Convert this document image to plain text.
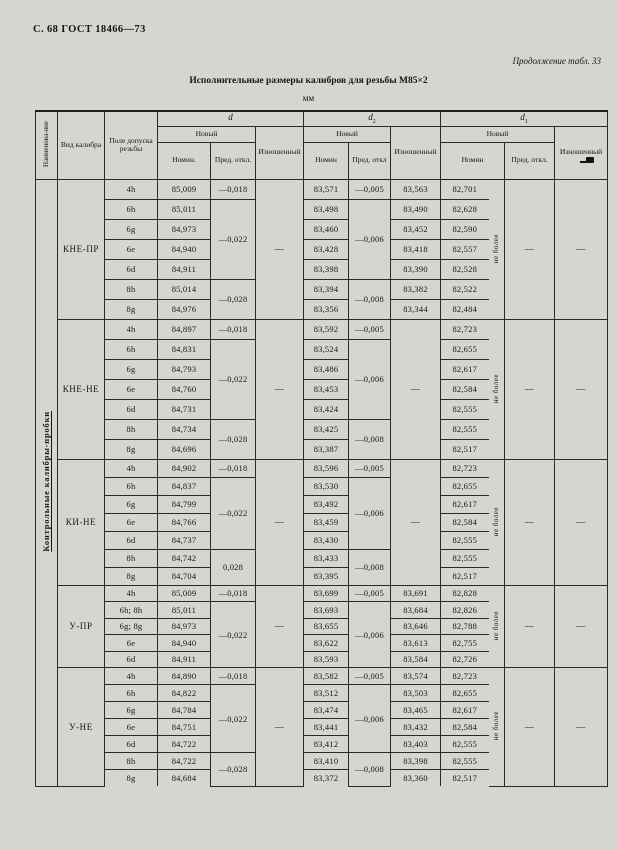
С. 68 ГОСТ 18466—73
Продолжение табл. 33
Исполнительные размеры калибров для резьбы М85×2
мм
Наименова-ние	Вид калибра	Поле допуска резьбы	d			$d_2$			$d_1$
			Новый		Изношенный	Новый		Изношенный	Новый			Изношенный
			Номин.	Пред. откл.		Номин	Пред. откл		Номин		Пред. откл.	
Контрольные калибры-пробки	КНЕ-ПР	4h	85,009	—0,018	—	83,571	—0,005	83,563	82,701	не более	—	—
		6h	85,011	—0,022		83,498	—0,006	83,490	82,628			
		6g	84,973			83,460		83,452	82,590			
		6e	84,940			83,428		83,418	82,557			
		6d	84,911			83,398		83,390	82,528			
		8h	85,014	—0,028		83,394	—0,008	83,382	82,522			
		8g	84,976			83,356		83,344	82,484			
	КНЕ-НЕ	4h	84,897	—0,018	—	83,592	—0,005	—	82,723	не более	—	—
		6h	84,831	—0,022		83,524	—0,006		82,655			
		6g	84,793			83,486			82,617			
		6e	84,760			83,453			82,584			
		6d	84,731			83,424			82,555			
		8h	84,734	—0,028		83,425	—0,008		82,555			
		8g	84,696			83,387			82,517			
	КИ-НЕ	4h	84,902	—0,018	—	83,596	—0,005	—	82,723	не более	—	—
		6h	84,837	—0,022		83,530	—0,006		82,655			
		6g	84,799			83,492			82,617			
		6e	84,766			83,459			82,584			
		6d	84,737			83,430			82,555			
		8h	84,742	0,028		83,433	—0,008		82,555			
		8g	84,704			83,395			82,517			
	У-ПР	4h	85,009	—0,018	—	83,699	—0,005	83,691	82,828	не более	—	—
		6h; 8h	85,011	—0,022		83,693	—0,006	83,684	82,826			
		6g; 8g	84,973			83,655		83,646	82,788			
		6e	84,940			83,622		83,613	82,755			
		6d	84,911			83,593		83,584	82,726			
	У-НЕ	4h	84,890	—0,018	—	83,582	—0,005	83,574	82,723	не более	—	—
		6h	84,822	—0,022		83,512	—0,006	83,503	82,655			
		6g	84,784			83,474		83,465	82,617			
		6e	84,751			83,441		83,432	82,584			
		6d	84,722			83,412		83,403	82,555			
		8h	84,722	—0,028		83,410	—0,008	83,398	82,555			
		8g	84,684			83,372		83,360	82,517			
